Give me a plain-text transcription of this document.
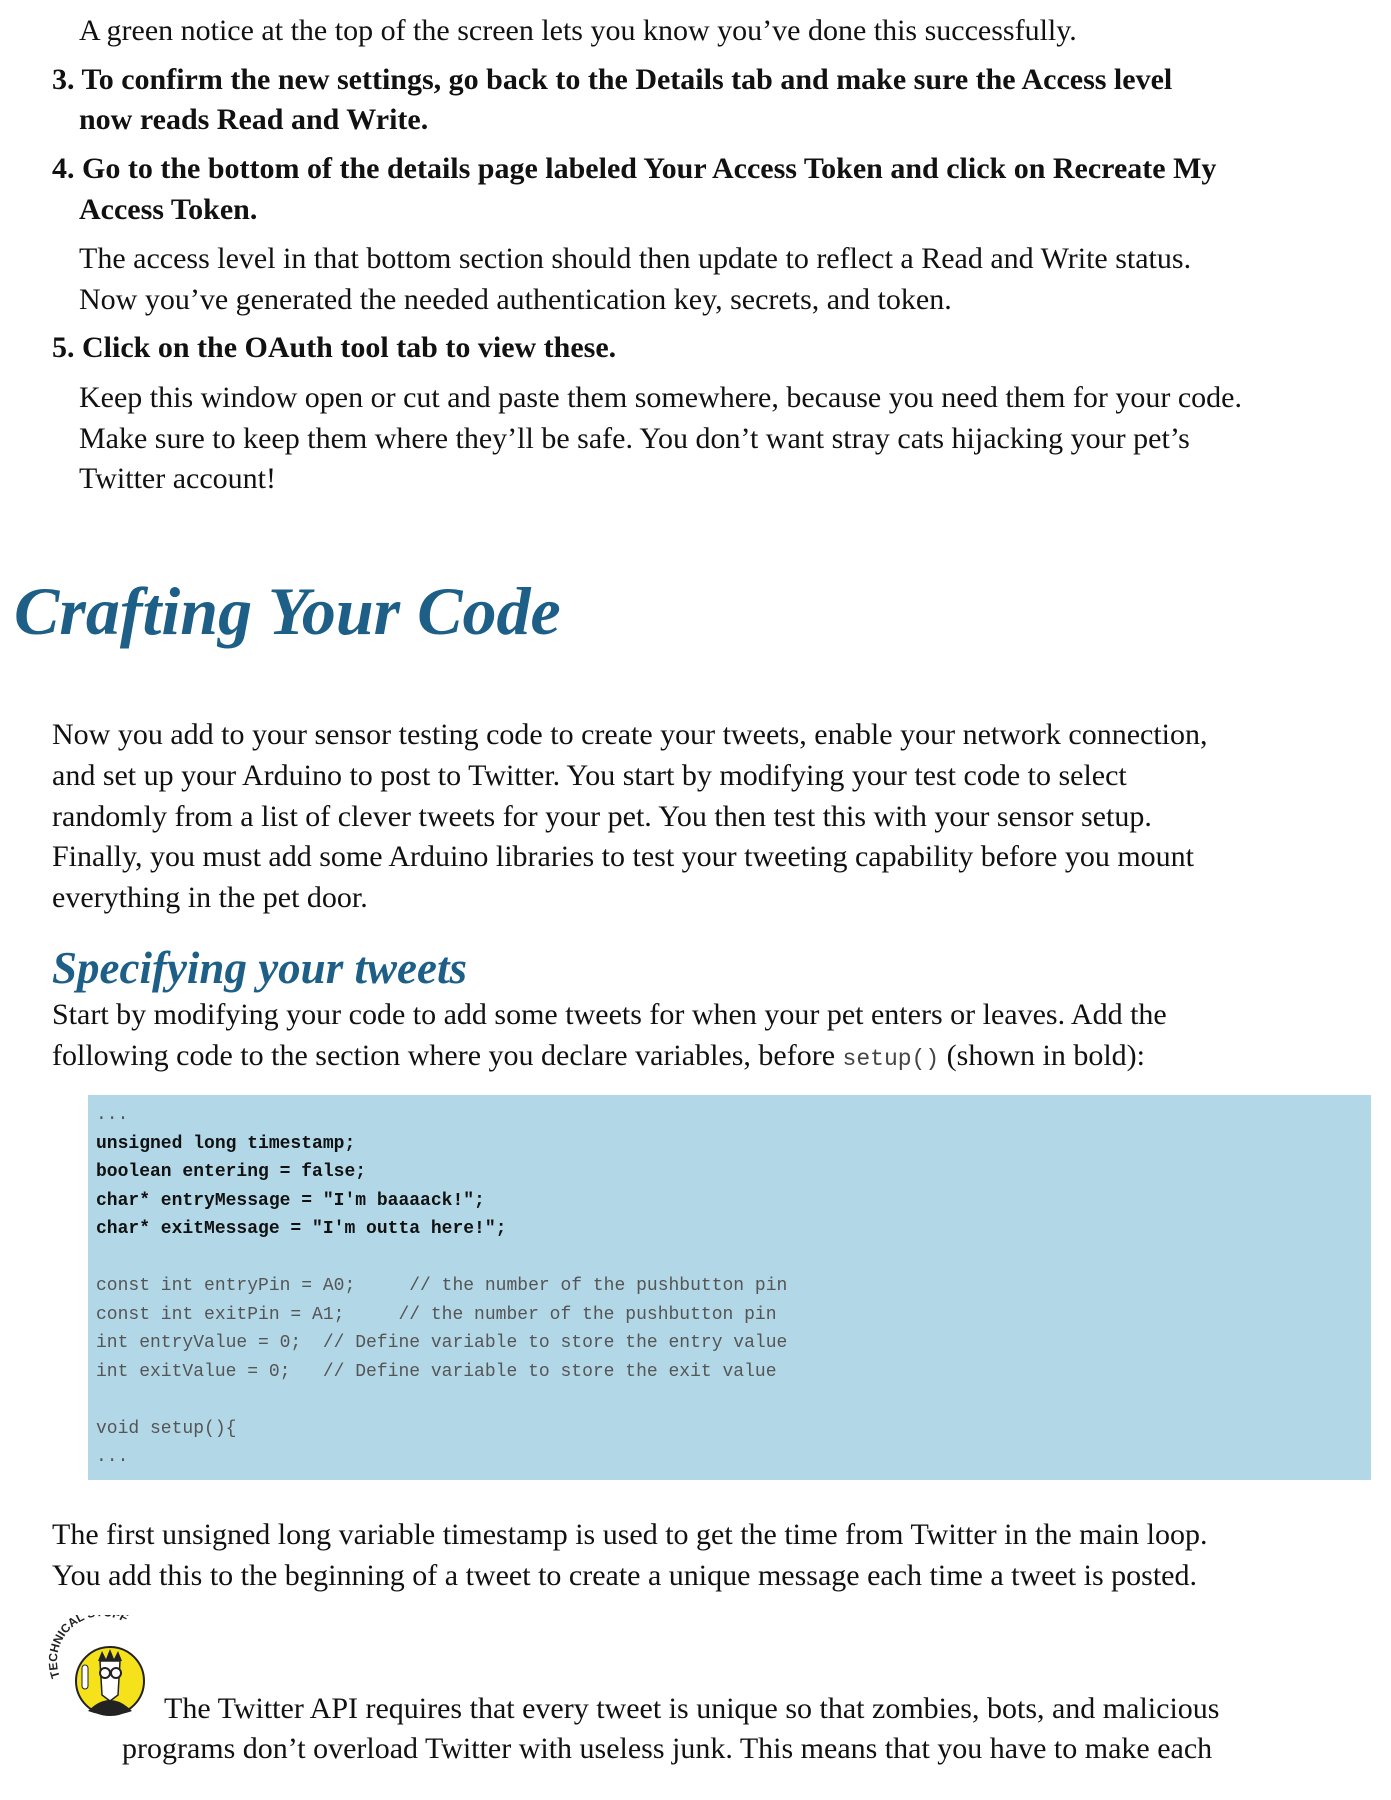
A green notice at the top of the screen lets you know you’ve done this successfully.
3. To confirm the new settings, go back to the Details tab and make sure the Access level
now reads Read and Write.
4. Go to the bottom of the details page labeled Your Access Token and click on Recreate My
Access Token.
The access level in that bottom section should then update to reflect a Read and Write status.
Now you’ve generated the needed authentication key, secrets, and token.
5. Click on the OAuth tool tab to view these.
Keep this window open or cut and paste them somewhere, because you need them for your code.
Make sure to keep them where they’ll be safe. You don’t want stray cats hijacking your pet’s
Twitter account!
Crafting Your Code
Now you add to your sensor testing code to create your tweets, enable your network connection,
and set up your Arduino to post to Twitter. You start by modifying your test code to select
randomly from a list of clever tweets for your pet. You then test this with your sensor setup.
Finally, you must add some Arduino libraries to test your tweeting capability before you mount
everything in the pet door.
Specifying your tweets
Start by modifying your code to add some tweets for when your pet enters or leaves. Add the
following code to the section where you declare variables, before setup() (shown in bold):
...
unsigned long timestamp;
boolean entering = false;
char* entryMessage = "I'm baaaack!";
char* exitMessage = "I'm outta here!";
const int entryPin = A0;     // the number of the pushbutton pin
const int exitPin = A1;     // the number of the pushbutton pin
int entryValue = 0;  // Define variable to store the entry value
int exitValue = 0;   // Define variable to store the exit value
void setup(){
...
The first unsigned long variable timestamp is used to get the time from Twitter in the main loop.
You add this to the beginning of a tweet to create a unique message each time a tweet is posted.
T HNICAL F
The Twitter API requires that every tweet is unique so that zombies, bots, and malicious
programs don’t overload Twitter with useless junk. This means that you have to make each
